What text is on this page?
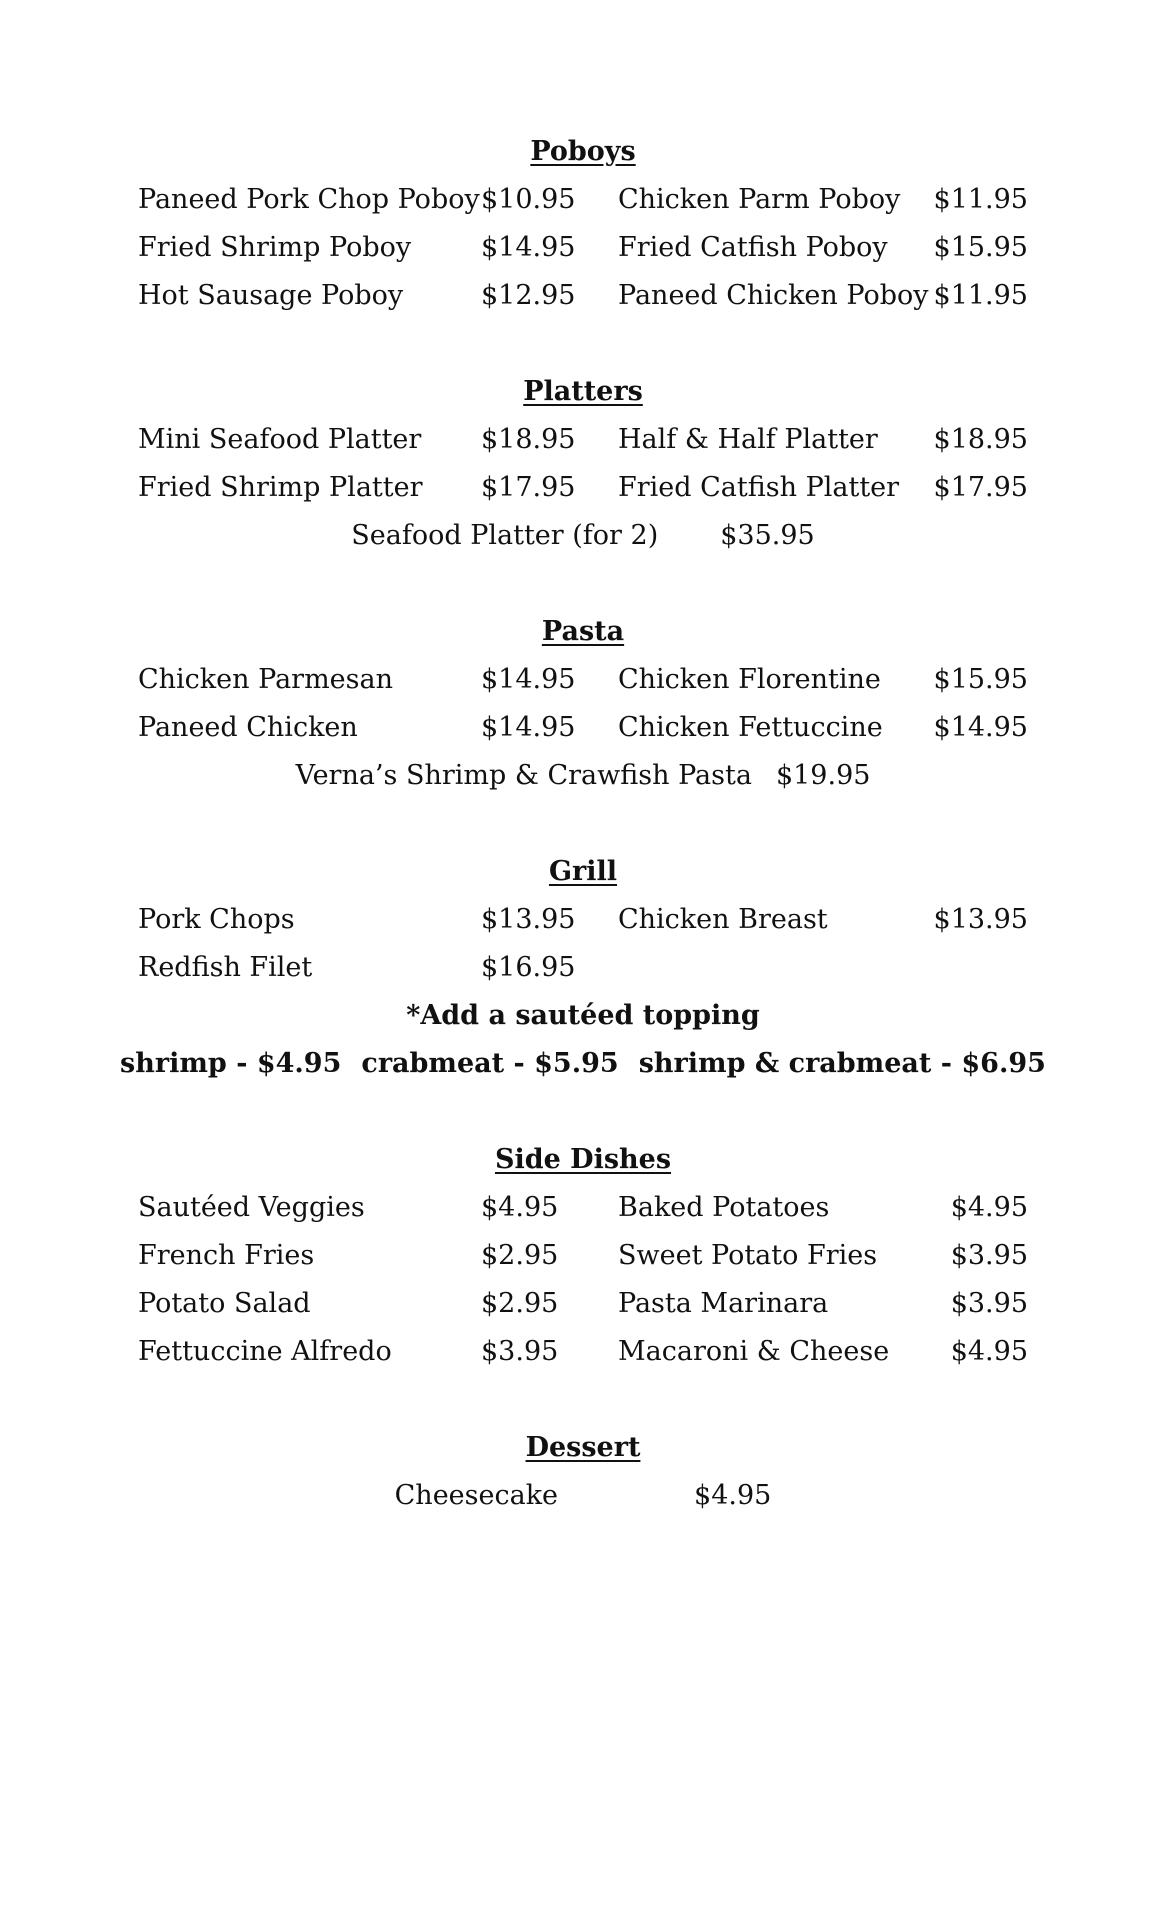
Poboys
Paneed Pork Chop Poboy $10.95 Chicken Parm Poboy $11.95
Fried Shrimp Poboy	$14.95 Fried Catfish Poboy $15.95
Hot Sausage Poboy	$12.95 Paneed Chicken Poboy $11.95
Platters
Mini Seafood Platter $18.95 Half & Half Platter $18.95
Fried Shrimp Platter $17.95 Fried Catfish Platter $17.95
Seafood Platter (for 2) $35.95
Pasta
Chicken Parmesan	$14.95 Chicken Florentine $15.95
Paneed Chicken	$14.95 Chicken Fettuccine $14.95
Verna’s Shrimp & Crawfish Pasta $19.95
Grill
Pork Chops	$13.95 Chicken Breast	$13.95
Redfish Filet	$16.95
*Add a sautéed topping
shrimp - $4.95 crabmeat - $5.95 shrimp & crabmeat - $6.95
Side Dishes
Sautéed Veggies	$4.95 Baked Potatoes	$4.95
French Fries	$2.95 Sweet Potato Fries	$3.95
Potato Salad	$2.95 Pasta Marinara	$3.95
Fettuccine Alfredo	$3.95 Macaroni & Cheese $4.95
Dessert
Cheesecake	$4.95
